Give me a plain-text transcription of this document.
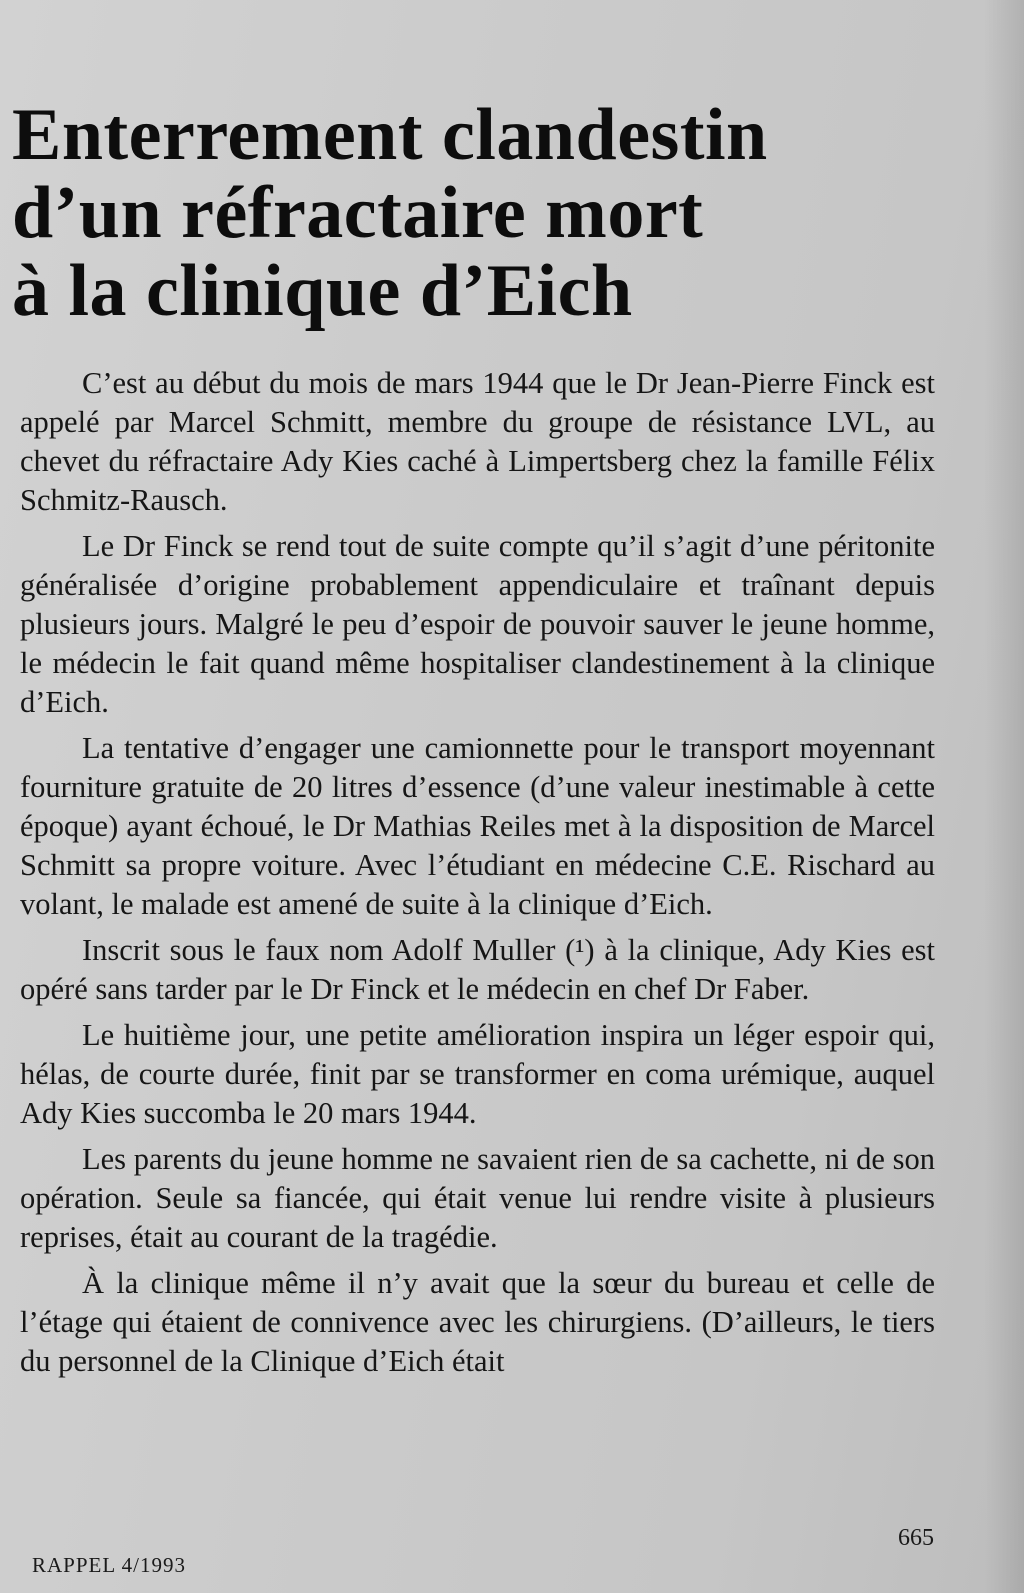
Enterrement clandestin
d’un réfractaire mort
à la clinique d’Eich

C’est au début du mois de mars 1944 que le Dr Jean-Pierre Finck est appelé par Marcel Schmitt, membre du groupe de résistance LVL, au chevet du réfractaire Ady Kies caché à Limpertsberg chez la famille Félix Schmitz-Rausch.

Le Dr Finck se rend tout de suite compte qu’il s’agit d’une péritonite généralisée d’origine probablement appendiculaire et traînant depuis plusieurs jours. Malgré le peu d’espoir de pouvoir sauver le jeune homme, le médecin le fait quand même hospitaliser clandestinement à la clinique d’Eich.

La tentative d’engager une camionnette pour le transport moyennant fourniture gratuite de 20 litres d’essence (d’une valeur inestimable à cette époque) ayant échoué, le Dr Mathias Reiles met à la disposition de Marcel Schmitt sa propre voiture. Avec l’étudiant en médecine C.E. Rischard au volant, le malade est amené de suite à la clinique d’Eich.

Inscrit sous le faux nom Adolf Muller (¹) à la clinique, Ady Kies est opéré sans tarder par le Dr Finck et le médecin en chef Dr Faber.

Le huitième jour, une petite amélioration inspira un léger espoir qui, hélas, de courte durée, finit par se transformer en coma urémique, auquel Ady Kies succomba le 20 mars 1944.

Les parents du jeune homme ne savaient rien de sa cachette, ni de son opération. Seule sa fiancée, qui était venue lui rendre visite à plusieurs reprises, était au courant de la tragédie.

À la clinique même il n’y avait que la sœur du bureau et celle de l’étage qui étaient de connivence avec les chirurgiens. (D’ailleurs, le tiers du personnel de la Clinique d’Eich était

665
RAPPEL 4/1993
